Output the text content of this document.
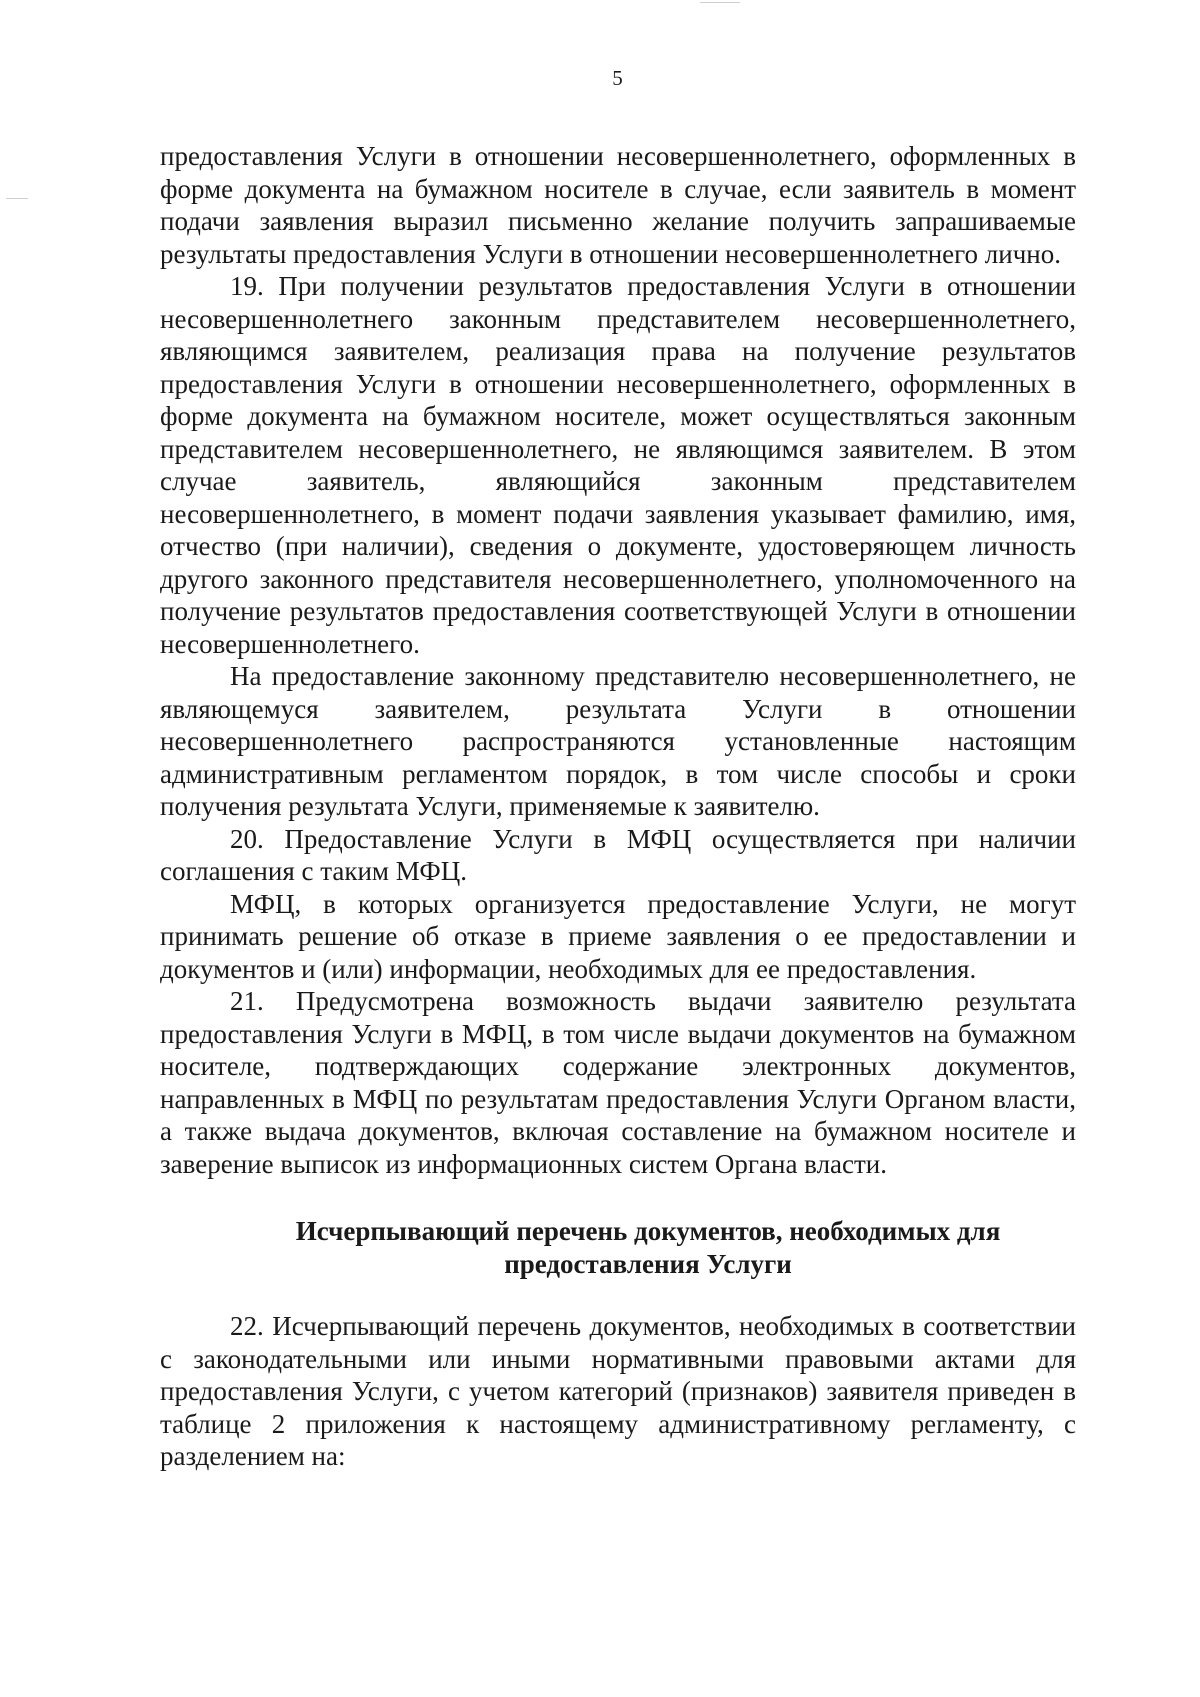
5

предоставления Услуги в отношении несовершеннолетнего, оформленных в форме документа на бумажном носителе в случае, если заявитель в момент подачи заявления выразил письменно желание получить запрашиваемые результаты предоставления Услуги в отношении несовершеннолетнего лично.

19. При получении результатов предоставления Услуги в отношении несовершеннолетнего законным представителем несовершеннолетнего, являющимся заявителем, реализация права на получение результатов предоставления Услуги в отношении несовершеннолетнего, оформленных в форме документа на бумажном носителе, может осуществляться законным представителем несовершеннолетнего, не являющимся заявителем. В этом случае заявитель, являющийся законным представителем несовершеннолетнего, в момент подачи заявления указывает фамилию, имя, отчество (при наличии), сведения о документе, удостоверяющем личность другого законного представителя несовершеннолетнего, уполномоченного на получение результатов предоставления соответствующей Услуги в отношении несовершеннолетнего.

На предоставление законному представителю несовершеннолетнего, не являющемуся заявителем, результата Услуги в отношении несовершеннолетнего распространяются установленные настоящим административным регламентом порядок, в том числе способы и сроки получения результата Услуги, применяемые к заявителю.

20. Предоставление Услуги в МФЦ осуществляется при наличии соглашения с таким МФЦ.

МФЦ, в которых организуется предоставление Услуги, не могут принимать решение об отказе в приеме заявления о ее предоставлении и документов и (или) информации, необходимых для ее предоставления.

21. Предусмотрена возможность выдачи заявителю результата предоставления Услуги в МФЦ, в том числе выдачи документов на бумажном носителе, подтверждающих содержание электронных документов, направленных в МФЦ по результатам предоставления Услуги Органом власти, а также выдача документов, включая составление на бумажном носителе и заверение выписок из информационных систем Органа власти.

Исчерпывающий перечень документов, необходимых для
предоставления Услуги

22. Исчерпывающий перечень документов, необходимых в соответствии с законодательными или иными нормативными правовыми актами для предоставления Услуги, с учетом категорий (признаков) заявителя приведен в таблице 2 приложения к настоящему административному регламенту, с разделением на:
